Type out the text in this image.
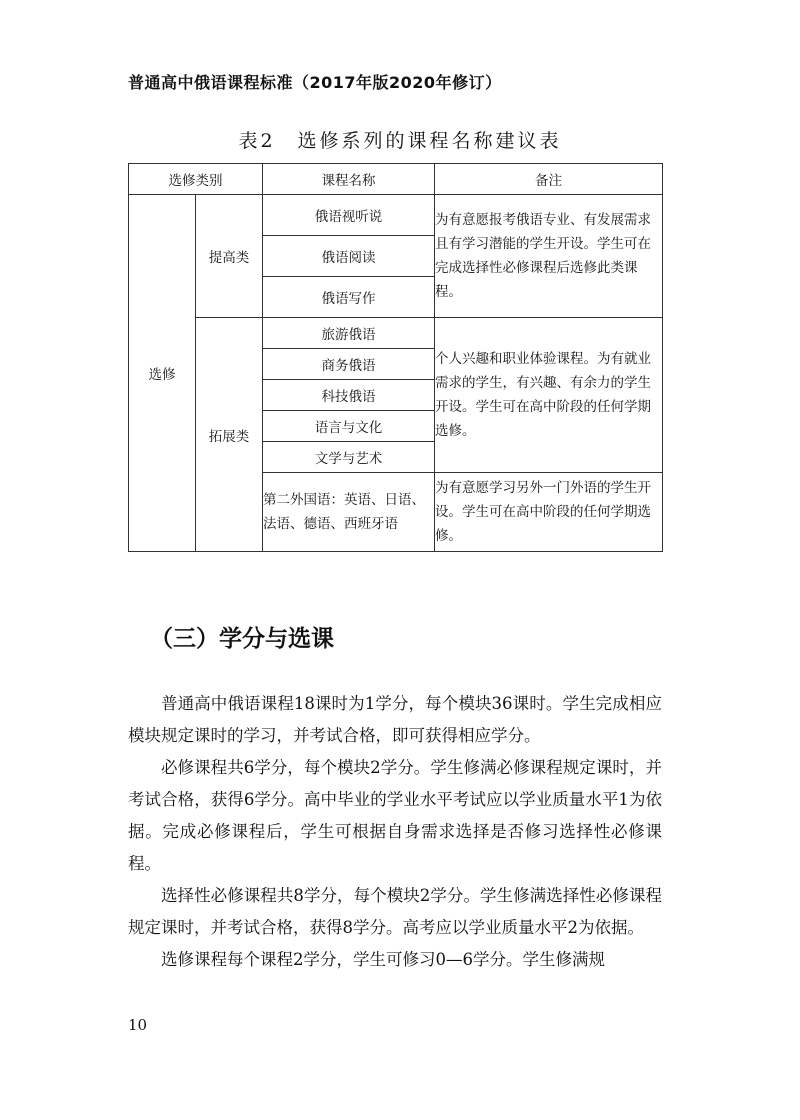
普通高中俄语课程标准（2017年版2020年修订）
表2　选修系列的课程名称建议表
选修类别		课程名称	备注
选修	提高类	俄语视听说	为有意愿报考俄语专业、有发展需求且有学习潜能的学生开设。学生可在完成选择性必修课程后选修此类课程。
		俄语阅读	
		俄语写作	
	拓展类	旅游俄语	个人兴趣和职业体验课程。为有就业需求的学生，有兴趣、有余力的学生开设。学生可在高中阶段的任何学期选修。
		商务俄语	
		科技俄语	
		语言与文化	
		文学与艺术	
		第二外国语：英语、日语、法语、德语、西班牙语	为有意愿学习另外一门外语的学生开设。学生可在高中阶段的任何学期选修。
（三）学分与选课

普通高中俄语课程18课时为1学分，每个模块36课时。学生完成相应模块规定课时的学习，并考试合格，即可获得相应学分。

必修课程共6学分，每个模块2学分。学生修满必修课程规定课时，并考试合格，获得6学分。高中毕业的学业水平考试应以学业质量水平1为依据。完成必修课程后，学生可根据自身需求选择是否修习选择性必修课程。

选择性必修课程共8学分，每个模块2学分。学生修满选择性必修课程规定课时，并考试合格，获得8学分。高考应以学业质量水平2为依据。

选修课程每个课程2学分，学生可修习0—6学分。学生修满规

10
